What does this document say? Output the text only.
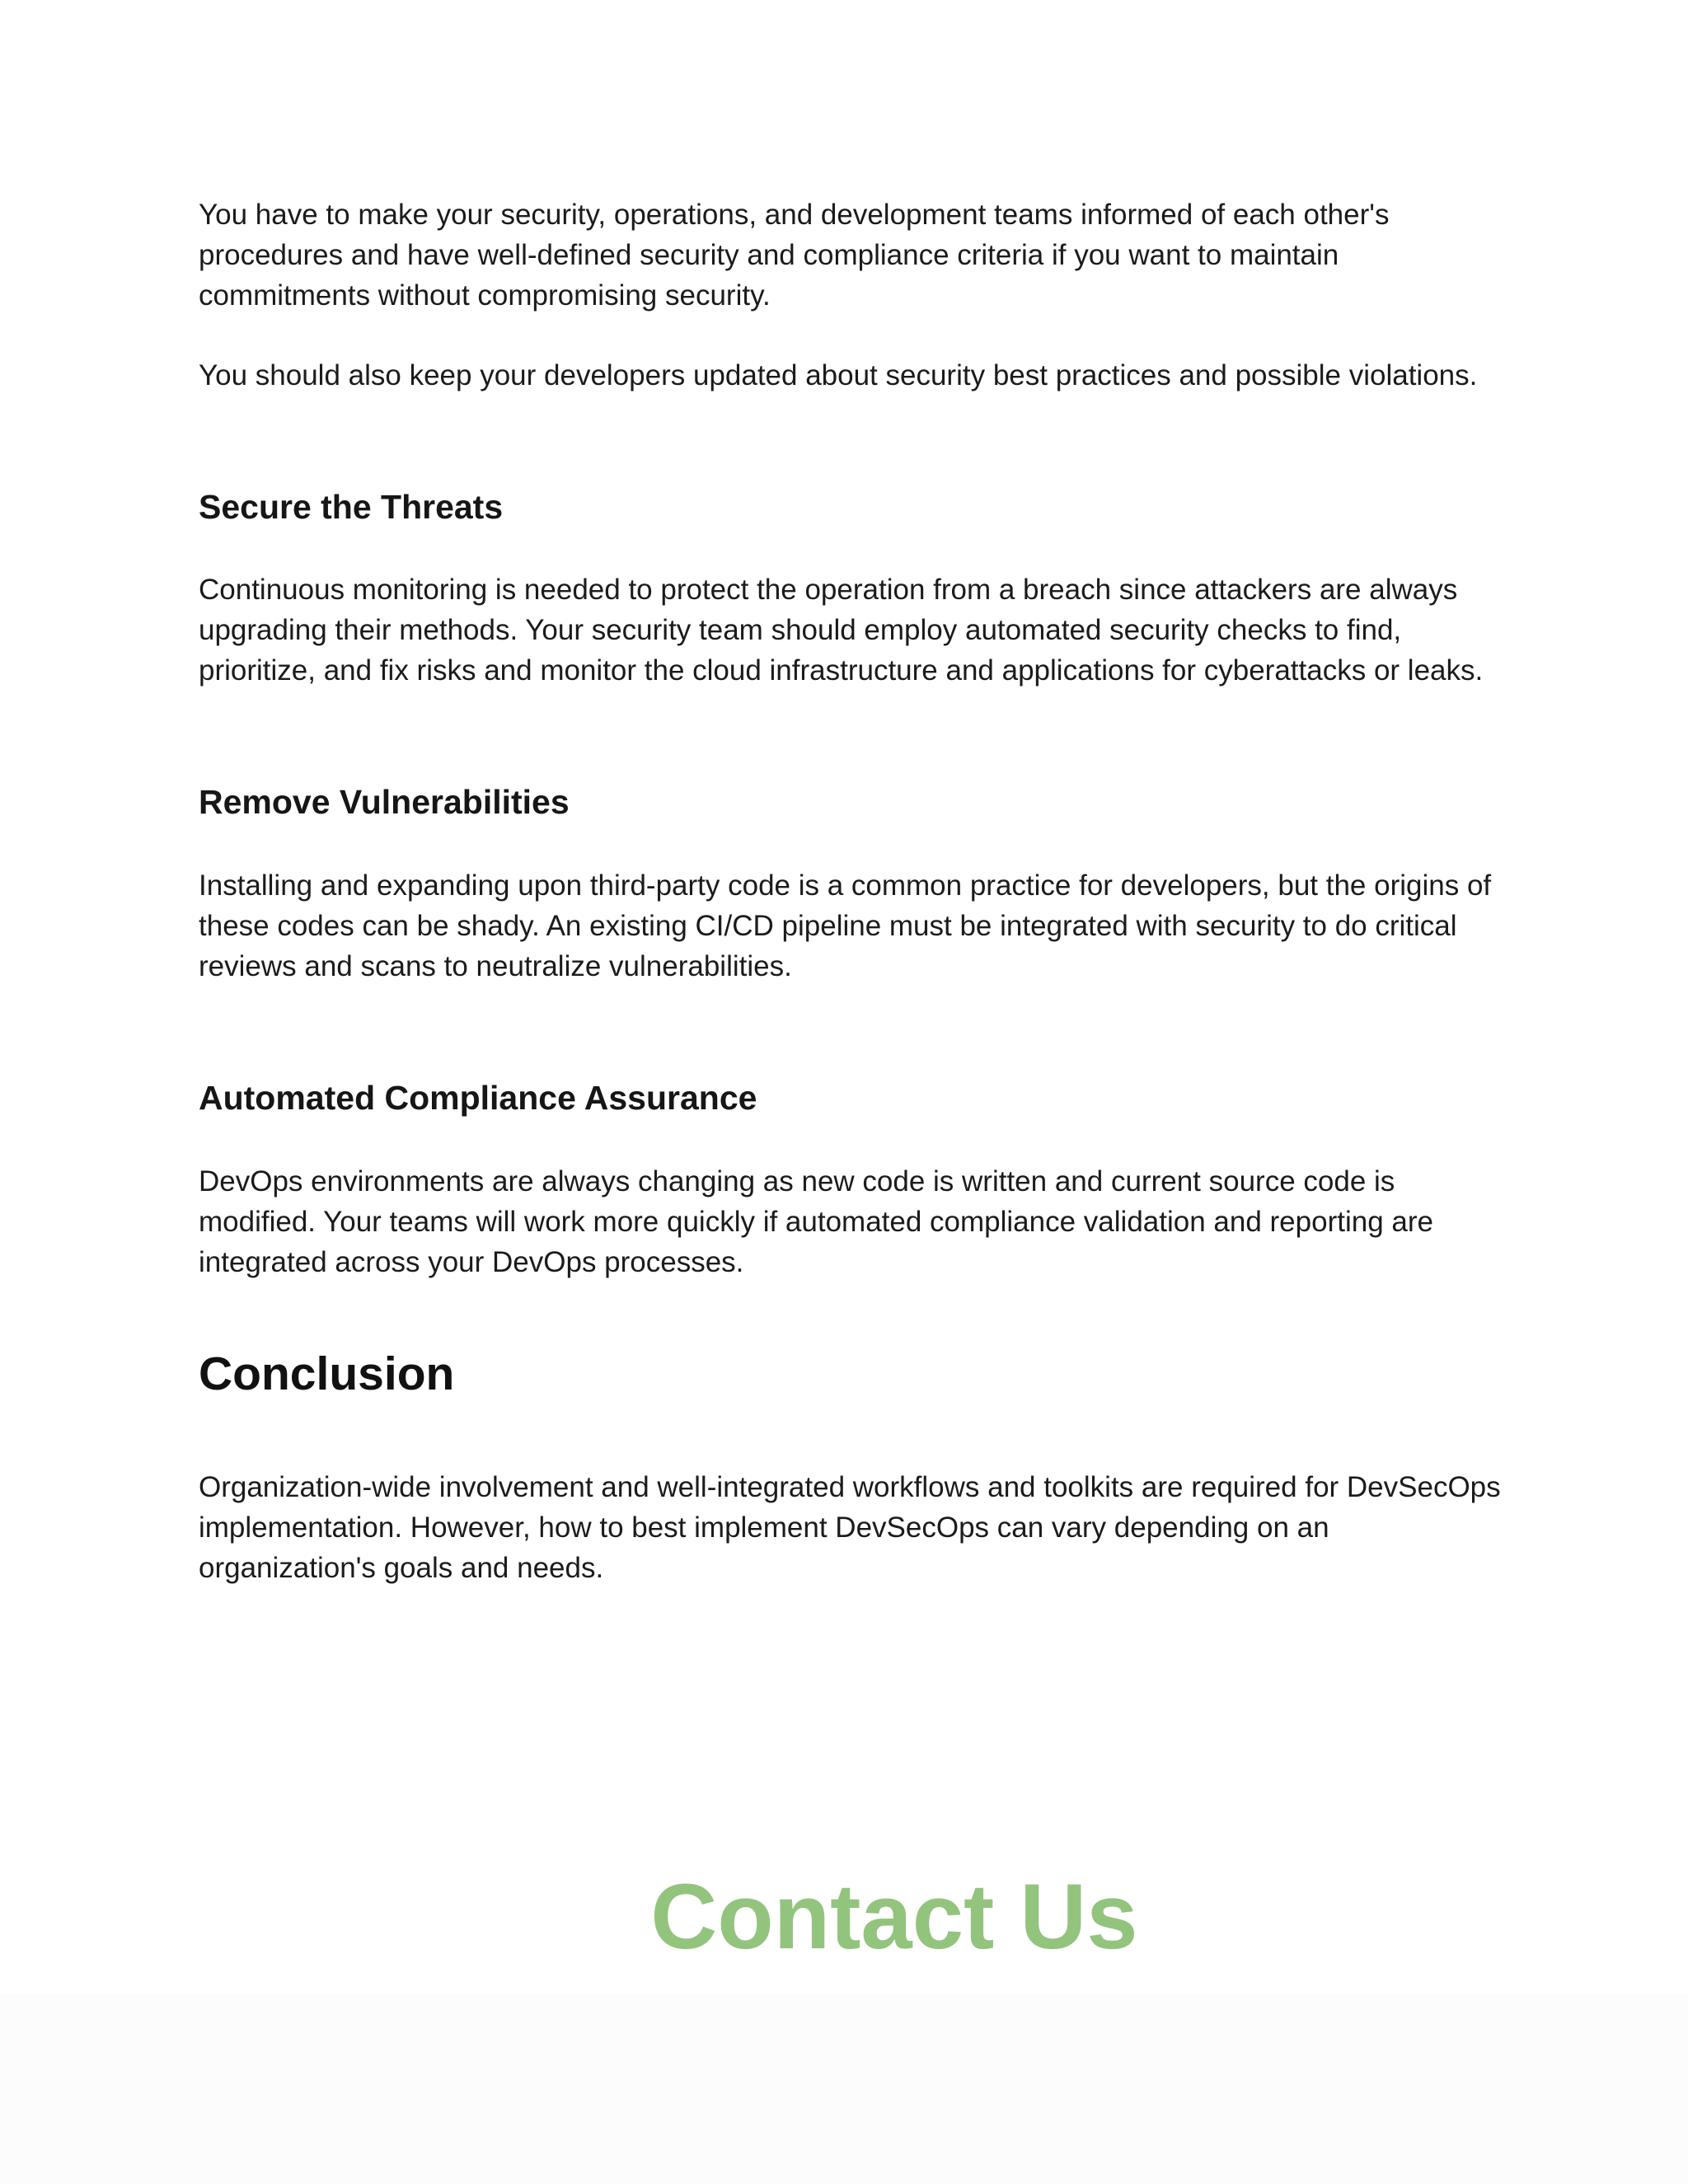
You have to make your security, operations, and development teams informed of each other's procedures and have well-defined security and compliance criteria if you want to maintain commitments without compromising security.

You should also keep your developers updated about security best practices and possible violations.

Secure the Threats

Continuous monitoring is needed to protect the operation from a breach since attackers are always upgrading their methods. Your security team should employ automated security checks to find, prioritize, and fix risks and monitor the cloud infrastructure and applications for cyberattacks or leaks.

Remove Vulnerabilities

Installing and expanding upon third-party code is a common practice for developers, but the origins of these codes can be shady. An existing CI/CD pipeline must be integrated with security to do critical reviews and scans to neutralize vulnerabilities.

Automated Compliance Assurance

DevOps environments are always changing as new code is written and current source code is modified. Your teams will work more quickly if automated compliance validation and reporting are integrated across your DevOps processes.

Conclusion

Organization-wide involvement and well-integrated workflows and toolkits are required for DevSecOps implementation. However, how to best implement DevSecOps can vary depending on an organization's goals and needs.

Contact Us
